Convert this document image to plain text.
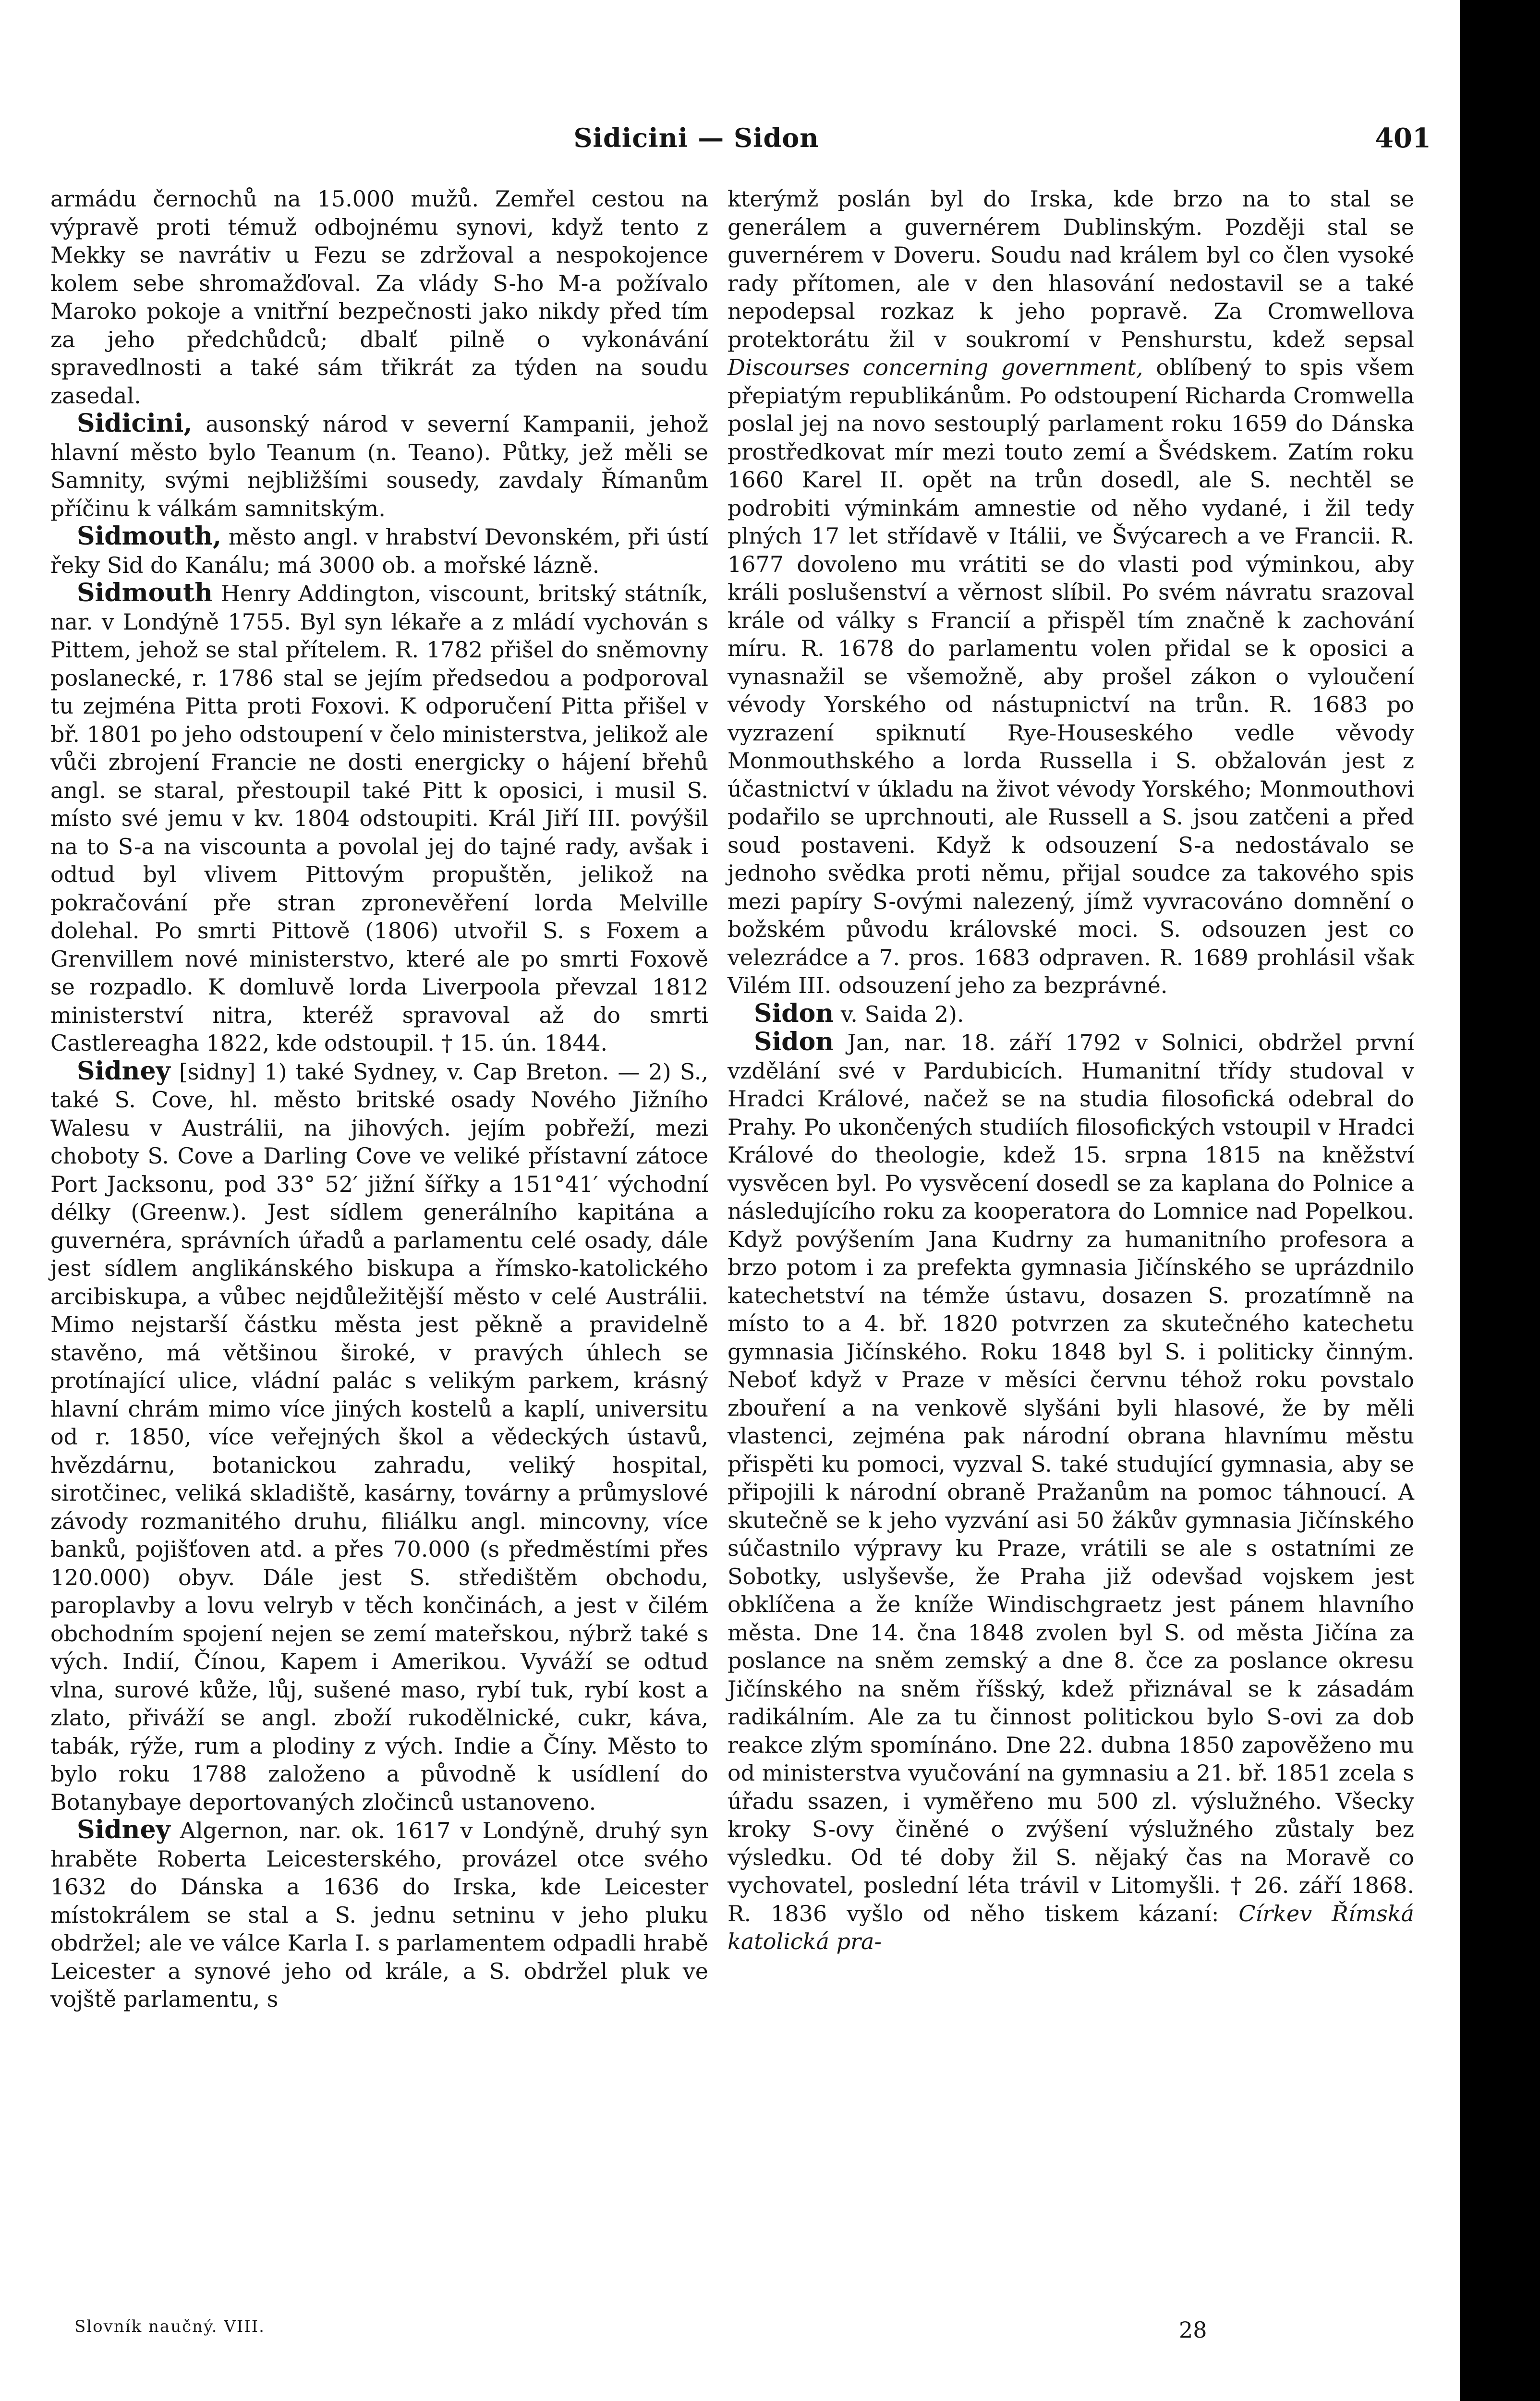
Sidicini — Sidon	401

armádu černochů na 15.000 mužů. Zemřel cestou na výpravě proti témuž odbojnému synovi, když tento z Mekky se navrátiv u Fezu se zdržoval a nespokojence kolem sebe shromažďoval. Za vlády S-ho M-a požívalo Maroko pokoje a vnitřní bezpečnosti jako nikdy před tím za jeho předchůdců; dbalť pilně o vykonávání spravedlnosti a také sám třikrát za týden na soudu zasedal.

Sidicini, ausonský národ v severní Kampanii, jehož hlavní město bylo Teanum (n. Teano). Půtky, jež měli se Samnity, svými nejbližšími sousedy, zavdaly Římanům příčinu k válkám samnitským.

Sidmouth, město angl. v hrabství Devonském, při ústí řeky Sid do Kanálu; má 3000 ob. a mořské lázně.

Sidmouth Henry Addington, viscount, britský státník, nar. v Londýně 1755. Byl syn lékaře a z mládí vychován s Pittem, jehož se stal přítelem. R. 1782 přišel do sněmovny poslanecké, r. 1786 stal se jejím předsedou a podporoval tu zejména Pitta proti Foxovi. K odporučení Pitta přišel v bř. 1801 po jeho odstoupení v čelo ministerstva, jelikož ale vůči zbrojení Francie ne dosti energicky o hájení břehů angl. se staral, přestoupil také Pitt k oposici, i musil S. místo své jemu v kv. 1804 odstoupiti. Král Jiří III. povýšil na to S-a na viscounta a povolal jej do tajné rady, avšak i odtud byl vlivem Pittovým propuštěn, jelikož na pokračování pře stran zpronevěření lorda Melville dolehal. Po smrti Pittově (1806) utvořil S. s Foxem a Grenvillem nové ministerstvo, které ale po smrti Foxově se rozpadlo. K domluvě lorda Liverpoola převzal 1812 ministerství nitra, kteréž spravoval až do smrti Castlereagha 1822, kde odstoupil. † 15. ún. 1844.

Sidney [sidny] 1) také Sydney, v. Cap Breton. — 2) S., také S. Cove, hl. město britské osady Nového Jižního Walesu v Austrálii, na jihových. jejím pobřeží, mezi choboty S. Cove a Darling Cove ve veliké přístavní zátoce Port Jacksonu, pod 33° 52′ jižní šířky a 151°41′ východní délky (Greenw.). Jest sídlem generálního kapitána a guvernéra, správních úřadů a parlamentu celé osady, dále jest sídlem anglikánského biskupa a římsko-katolického arcibiskupa, a vůbec nejdůležitější město v celé Austrálii. Mimo nejstarší částku města jest pěkně a pravidelně stavěno, má většinou široké, v pravých úhlech se protínající ulice, vládní palác s velikým parkem, krásný hlavní chrám mimo více jiných kostelů a kaplí, universitu od r. 1850, více veřejných škol a vědeckých ústavů, hvězdárnu, botanickou zahradu, veliký hospital, sirotčinec, veliká skladiště, kasárny, továrny a průmyslové závody rozmanitého druhu, filiálku angl. mincovny, více banků, pojišťoven atd. a přes 70.000 (s předměstími přes 120.000) obyv. Dále jest S. středištěm obchodu, paroplavby a lovu velryb v těch končinách, a jest v čilém obchodním spojení nejen se zemí mateřskou, nýbrž také s vých. Indií, Čínou, Kapem i Amerikou. Vyváží se odtud vlna, surové kůže, lůj, sušené maso, rybí tuk, rybí kost a zlato, přiváží se angl. zboží rukodělnické, cukr, káva, tabák, rýže, rum a plodiny z vých. Indie a Číny. Město to bylo roku 1788 založeno a původně k usídlení do Botanybaye deportovaných zločinců ustanoveno.

Sidney Algernon, nar. ok. 1617 v Londýně, druhý syn hraběte Roberta Leicesterského, provázel otce svého 1632 do Dánska a 1636 do Irska, kde Leicester místokrálem se stal a S. jednu setninu v jeho pluku obdržel; ale ve válce Karla I. s parlamentem odpadli hrabě Leicester a synové jeho od krále, a S. obdržel pluk ve vojště parlamentu, s

kterýmž poslán byl do Irska, kde brzo na to stal se generálem a guvernérem Dublinským. Později stal se guvernérem v Doveru. Soudu nad králem byl co člen vysoké rady přítomen, ale v den hlasování nedostavil se a také nepodepsal rozkaz k jeho popravě. Za Cromwellova protektorátu žil v soukromí v Penshurstu, kdež sepsal Discourses concerning government, oblíbený to spis všem přepiatým republikánům. Po odstoupení Richarda Cromwella poslal jej na novo sestouplý parlament roku 1659 do Dánska prostředkovat mír mezi touto zemí a Švédskem. Zatím roku 1660 Karel II. opět na trůn dosedl, ale S. nechtěl se podrobiti výminkám amnestie od něho vydané, i žil tedy plných 17 let střídavě v Itálii, ve Švýcarech a ve Francii. R. 1677 dovoleno mu vrátiti se do vlasti pod výminkou, aby králi poslušenství a věrnost slíbil. Po svém návratu srazoval krále od války s Francií a přispěl tím značně k zachování míru. R. 1678 do parlamentu volen přidal se k oposici a vynasnažil se všemožně, aby prošel zákon o vyloučení vévody Yorského od nástupnictví na trůn. R. 1683 po vyzrazení spiknutí Rye-Houseského vedle věvody Monmouthského a lorda Russella i S. obžalován jest z účastnictví v úkladu na život vévody Yorského; Monmouthovi podařilo se uprchnouti, ale Russell a S. jsou zatčeni a před soud postaveni. Když k odsouzení S-a nedostávalo se jednoho svědka proti němu, přijal soudce za takového spis mezi papíry S-ovými nalezený, jímž vyvracováno domnění o božském původu královské moci. S. odsouzen jest co velezrádce a 7. pros. 1683 odpraven. R. 1689 prohlásil však Vilém III. odsouzení jeho za bezprávné.

Sidon v. Saida 2).

Sidon Jan, nar. 18. září 1792 v Solnici, obdržel první vzdělání své v Pardubicích. Humanitní třídy studoval v Hradci Králové, načež se na studia filosofická odebral do Prahy. Po ukončených studiích filosofických vstoupil v Hradci Králové do theologie, kdež 15. srpna 1815 na kněžství vysvěcen byl. Po vysvěcení dosedl se za kaplana do Polnice a následujícího roku za kooperatora do Lomnice nad Popelkou. Když povýšením Jana Kudrny za humanitního profesora a brzo potom i za prefekta gymnasia Jičínského se uprázdnilo katechetství na témže ústavu, dosazen S. prozatímně na místo to a 4. bř. 1820 potvrzen za skutečného katechetu gymnasia Jičínského. Roku 1848 byl S. i politicky činným. Neboť když v Praze v měsíci červnu téhož roku povstalo zbouření a na venkově slyšáni byli hlasové, že by měli vlastenci, zejména pak národní obrana hlavnímu městu přispěti ku pomoci, vyzval S. také studující gymnasia, aby se připojili k národní obraně Pražanům na pomoc táhnoucí. A skutečně se k jeho vyzvání asi 50 žákův gymnasia Jičínského súčastnilo výpravy ku Praze, vrátili se ale s ostatními ze Sobotky, uslyševše, že Praha již odevšad vojskem jest obklíčena a že kníže Windischgraetz jest pánem hlavního města. Dne 14. čna 1848 zvolen byl S. od města Jičína za poslance na sněm zemský a dne 8. čce za poslance okresu Jičínského na sněm říšský, kdež přiznával se k zásadám radikálním. Ale za tu činnost politickou bylo S-ovi za dob reakce zlým spomínáno. Dne 22. dubna 1850 zapověženo mu od ministerstva vyučování na gymnasiu a 21. bř. 1851 zcela s úřadu ssazen, i vyměřeno mu 500 zl. výslužného. Všecky kroky S-ovy činěné o zvýšení výslužného zůstaly bez výsledku. Od té doby žil S. nějaký čas na Moravě co vychovatel, poslední léta trávil v Litomyšli. † 26. září 1868. R. 1836 vyšlo od něho tiskem kázaní: Církev Římská katolická pra-

Slovník naučný. VIII.	28
